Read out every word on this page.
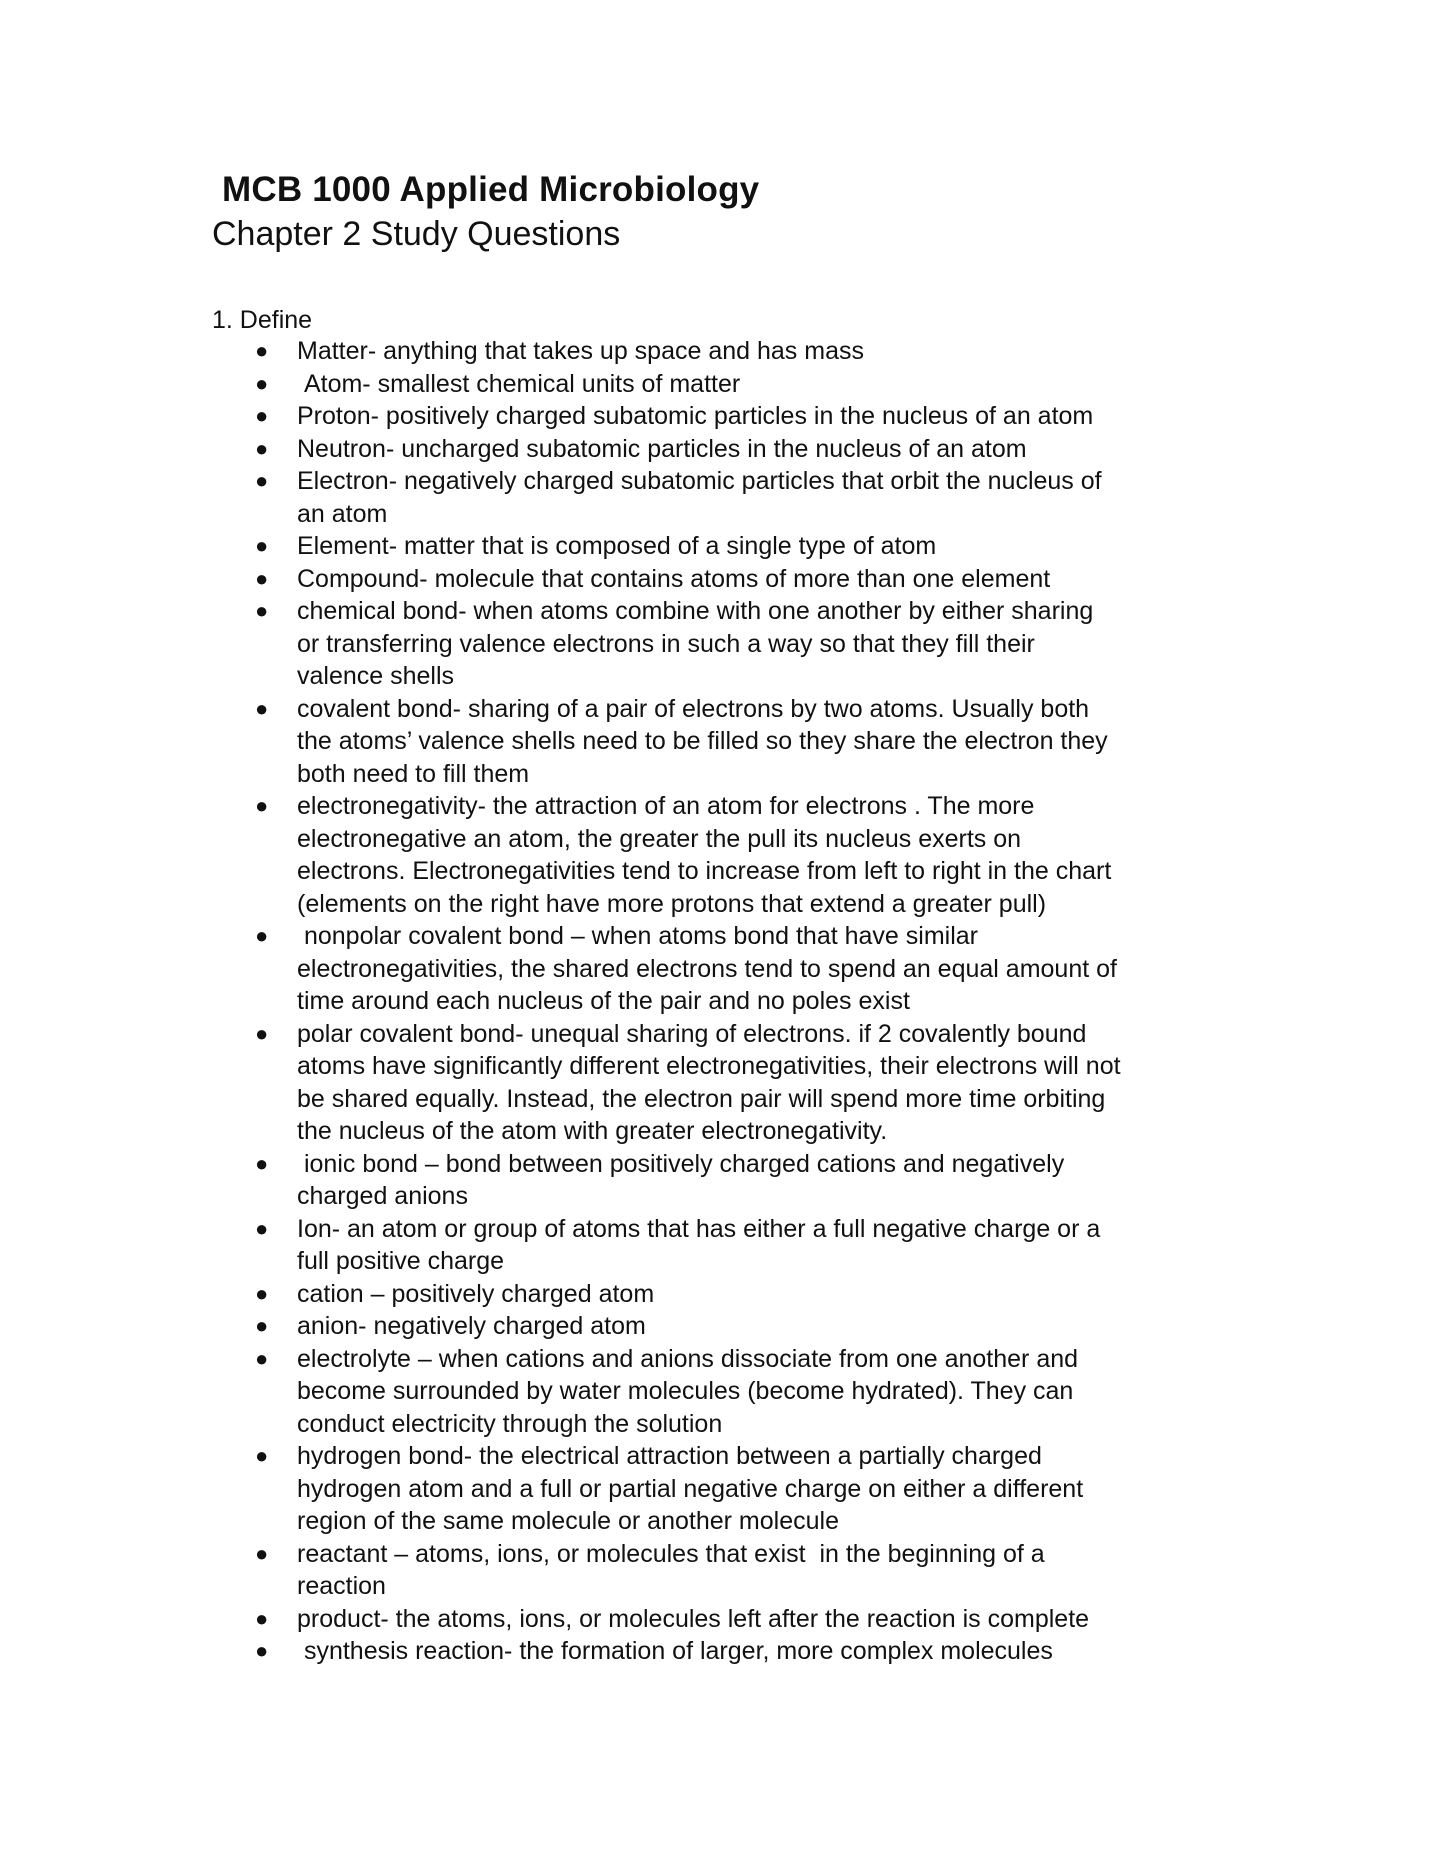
MCB 1000 Applied Microbiology
Chapter 2 Study Questions
1. Define
● Matter- anything that takes up space and has mass
● Atom- smallest chemical units of matter
● Proton- positively charged subatomic particles in the nucleus of an atom
● Neutron- uncharged subatomic particles in the nucleus of an atom
● Electron- negatively charged subatomic particles that orbit the nucleus of
an atom
● Element- matter that is composed of a single type of atom
● Compound- molecule that contains atoms of more than one element
● chemical bond- when atoms combine with one another by either sharing
or transferring valence electrons in such a way so that they fill their
valence shells
● covalent bond- sharing of a pair of electrons by two atoms. Usually both
the atoms’ valence shells need to be filled so they share the electron they
both need to fill them
● electronegativity- the attraction of an atom for electrons . The more
electronegative an atom, the greater the pull its nucleus exerts on
electrons. Electronegativities tend to increase from left to right in the chart
(elements on the right have more protons that extend a greater pull)
● nonpolar covalent bond – when atoms bond that have similar
electronegativities, the shared electrons tend to spend an equal amount of
time around each nucleus of the pair and no poles exist
● polar covalent bond- unequal sharing of electrons. if 2 covalently bound
atoms have significantly different electronegativities, their electrons will not
be shared equally. Instead, the electron pair will spend more time orbiting
the nucleus of the atom with greater electronegativity.
● ionic bond – bond between positively charged cations and negatively
charged anions
● Ion- an atom or group of atoms that has either a full negative charge or a
full positive charge
● cation – positively charged atom
● anion- negatively charged atom
● electrolyte – when cations and anions dissociate from one another and
become surrounded by water molecules (become hydrated). They can
conduct electricity through the solution
● hydrogen bond- the electrical attraction between a partially charged
hydrogen atom and a full or partial negative charge on either a different
region of the same molecule or another molecule
● reactant – atoms, ions, or molecules that exist  in the beginning of a
reaction
● product- the atoms, ions, or molecules left after the reaction is complete
● synthesis reaction- the formation of larger, more complex molecules
